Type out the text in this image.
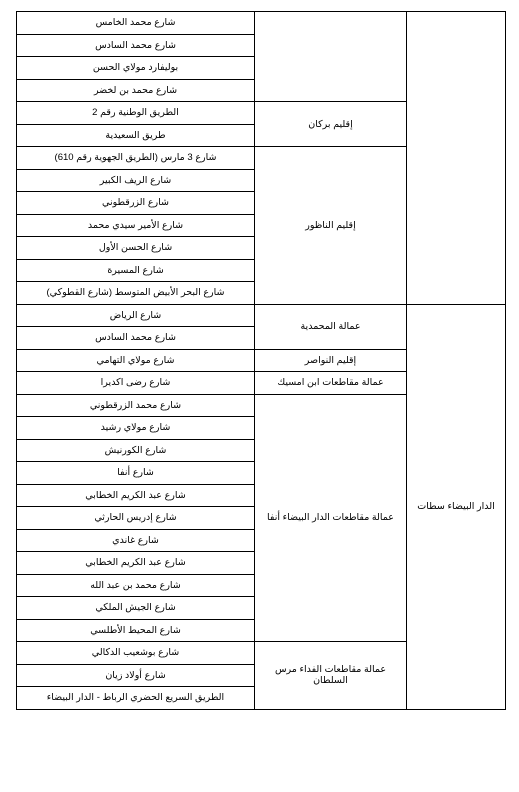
		شارع محمد الخامس
		شارع محمد السادس
		بوليفارد مولاي الحسن
		شارع محمد بن لخضر
	إقليم بركان	الطريق الوطنية رقم 2
		طريق السعيدية
	إقليم الناظور	شارع 3 مارس (الطريق الجهوية رقم 610)
		شارع الريف الكبير
		شارع الزرقطوني
		شارع الأمير سيدي محمد
		شارع الحسن الأول
		شارع المسيرة
		شارع البحر الأبيض المتوسط (شارع القطوكي)
الدار البيضاء سطات	عمالة المحمدية	شارع الرياض
		شارع محمد السادس
	إقليم النواصر	شارع مولاي التهامي
	عمالة مقاطعات ابن امسيك	شارع رضى اكديرا
	عمالة مقاطعات الدار البيضاء أنفا	شارع محمد الزرقطوني
		شارع مولاي رشيد
		شارع الكورنيش
		شارع أنفا
		شارع عبد الكريم الخطابي
		شارع إدريس الحارثي
		شارع غاندي
		شارع عبد الكريم الخطابي
		شارع محمد بن عبد الله
		شارع الجيش الملكي
		شارع المحيط الأطلسي
	عمالة مقاطعات الفداء مرس السلطان	شارع بوشعيب الدكالي
		شارع أولاد زيان
		الطريق السريع الحضري الرباط - الدار البيضاء
